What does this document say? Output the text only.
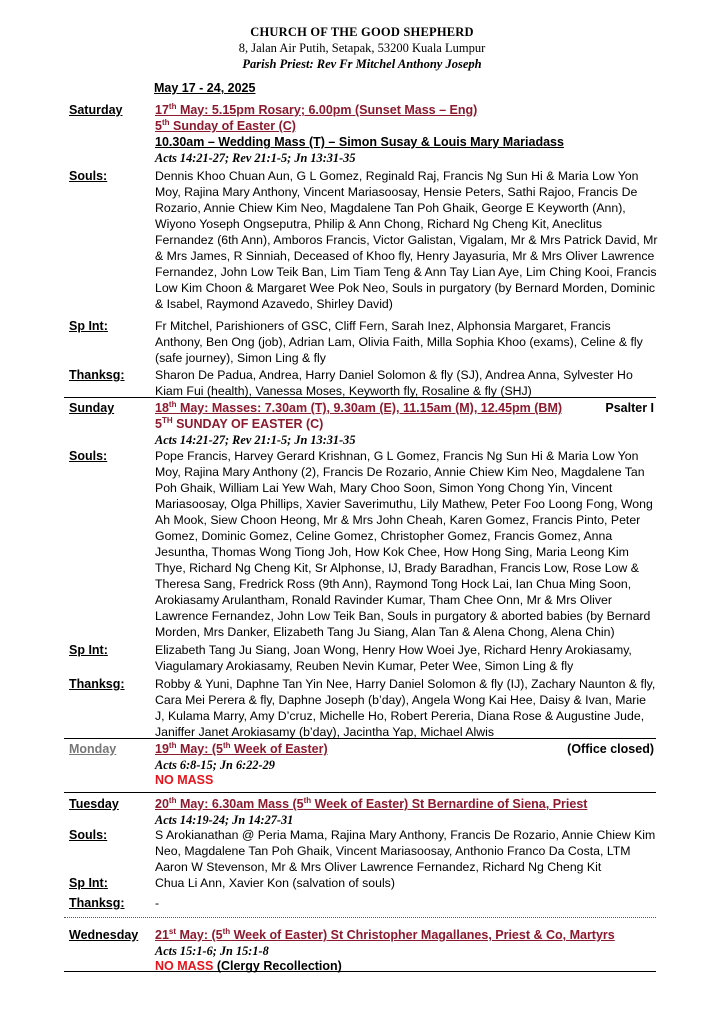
CHURCH OF THE GOOD SHEPHERD
8, Jalan Air Putih, Setapak, 53200 Kuala Lumpur
Parish Priest: Rev Fr Mitchel Anthony Joseph
May 17 - 24, 2025
Saturday	17th May: 5.15pm Rosary; 6.00pm (Sunset Mass – Eng)
5th Sunday of Easter (C)
10.30am – Wedding Mass (T) – Simon Susay & Louis Mary Mariadass
Acts 14:21-27; Rev 21:1-5; Jn 13:31-35
Souls:	Dennis Khoo Chuan Aun, G L Gomez, Reginald Raj, Francis Ng Sun Hi & Maria Low Yon Moy, Rajina Mary Anthony, Vincent Mariasoosay, Hensie Peters, Sathi Rajoo, Francis De Rozario, Annie Chiew Kim Neo, Magdalene Tan Poh Ghaik, George E Keyworth (Ann), Wiyono Yoseph Ongseputra, Philip & Ann Chong, Richard Ng Cheng Kit, Aneclitus Fernandez (6th Ann), Amboros Francis, Victor Galistan, Vigalam, Mr & Mrs Patrick David, Mr & Mrs James, R Sinniah, Deceased of Khoo fly, Henry Jayasuria, Mr & Mrs Oliver Lawrence Fernandez, John Low Teik Ban, Lim Tiam Teng & Ann Tay Lian Aye, Lim Ching Kooi, Francis Low Kim Choon & Margaret Wee Pok Neo, Souls in purgatory (by Bernard Morden, Dominic & Isabel, Raymond Azavedo, Shirley David)
Sp Int:	Fr Mitchel, Parishioners of GSC, Cliff Fern, Sarah Inez, Alphonsia Margaret, Francis Anthony, Ben Ong (job), Adrian Lam, Olivia Faith, Milla Sophia Khoo (exams), Celine & fly (safe journey), Simon Ling & fly
Thanksg: Sharon De Padua, Andrea, Harry Daniel Solomon & fly (SJ), Andrea Anna, Sylvester Ho Kiam Fui (health), Vanessa Moses, Keyworth fly, Rosaline & fly (SHJ)
Sunday	18th May: Masses: 7.30am (T), 9.30am (E), 11.15am (M), 12.45pm (BM)	Psalter I
5TH SUNDAY OF EASTER (C)
Acts 14:21-27; Rev 21:1-5; Jn 13:31-35
Souls:	Pope Francis, Harvey Gerard Krishnan, G L Gomez, Francis Ng Sun Hi & Maria Low Yon Moy, Rajina Mary Anthony (2), Francis De Rozario, Annie Chiew Kim Neo, Magdalene Tan Poh Ghaik, William Lai Yew Wah, Mary Choo Soon, Simon Yong Chong Yin, Vincent Mariasoosay, Olga Phillips, Xavier Saverimuthu, Lily Mathew, Peter Foo Loong Fong, Wong Ah Mook, Siew Choon Heong, Mr & Mrs John Cheah, Karen Gomez, Francis Pinto, Peter Gomez, Dominic Gomez, Celine Gomez, Christopher Gomez, Francis Gomez, Anna Jesuntha, Thomas Wong Tiong Joh, How Kok Chee, How Hong Sing, Maria Leong Kim Thye, Richard Ng Cheng Kit, Sr Alphonse, IJ, Brady Baradhan, Francis Low, Rose Low & Theresa Sang, Fredrick Ross (9th Ann), Raymond Tong Hock Lai, Ian Chua Ming Soon, Arokiasamy Arulantham, Ronald Ravinder Kumar, Tham Chee Onn, Mr & Mrs Oliver Lawrence Fernandez, John Low Teik Ban, Souls in purgatory & aborted babies (by Bernard Morden, Mrs Danker, Elizabeth Tang Ju Siang, Alan Tan & Alena Chong, Alena Chin)
Sp Int:	Elizabeth Tang Ju Siang, Joan Wong, Henry How Woei Jye, Richard Henry Arokiasamy, Viagulamary Arokiasamy, Reuben Nevin Kumar, Peter Wee, Simon Ling & fly
Thanksg: Robby & Yuni, Daphne Tan Yin Nee, Harry Daniel Solomon & fly (IJ), Zachary Naunton & fly, Cara Mei Perera & fly, Daphne Joseph (b’day), Angela Wong Kai Hee, Daisy & Ivan, Marie J, Kulama Marry, Amy D’cruz, Michelle Ho, Robert Pereria, Diana Rose & Augustine Jude, Janiffer Janet Arokiasamy (b’day), Jacintha Yap, Michael Alwis
Monday	19th May: (5th Week of Easter)	(Office closed)
Acts 6:8-15; Jn 6:22-29
NO MASS
Tuesday	20th May: 6.30am Mass (5th Week of Easter) St Bernardine of Siena, Priest
Acts 14:19-24; Jn 14:27-31
Souls:	S Arokianathan @ Peria Mama, Rajina Mary Anthony, Francis De Rozario, Annie Chiew Kim Neo, Magdalene Tan Poh Ghaik, Vincent Mariasoosay, Anthonio Franco Da Costa, LTM Aaron W Stevenson, Mr & Mrs Oliver Lawrence Fernandez, Richard Ng Cheng Kit
Sp Int:	Chua Li Ann, Xavier Kon (salvation of souls)
Thanksg: -
Wednesday 21st May: (5th Week of Easter) St Christopher Magallanes, Priest & Co, Martyrs
Acts 15:1-6; Jn 15:1-8
NO MASS (Clergy Recollection)
